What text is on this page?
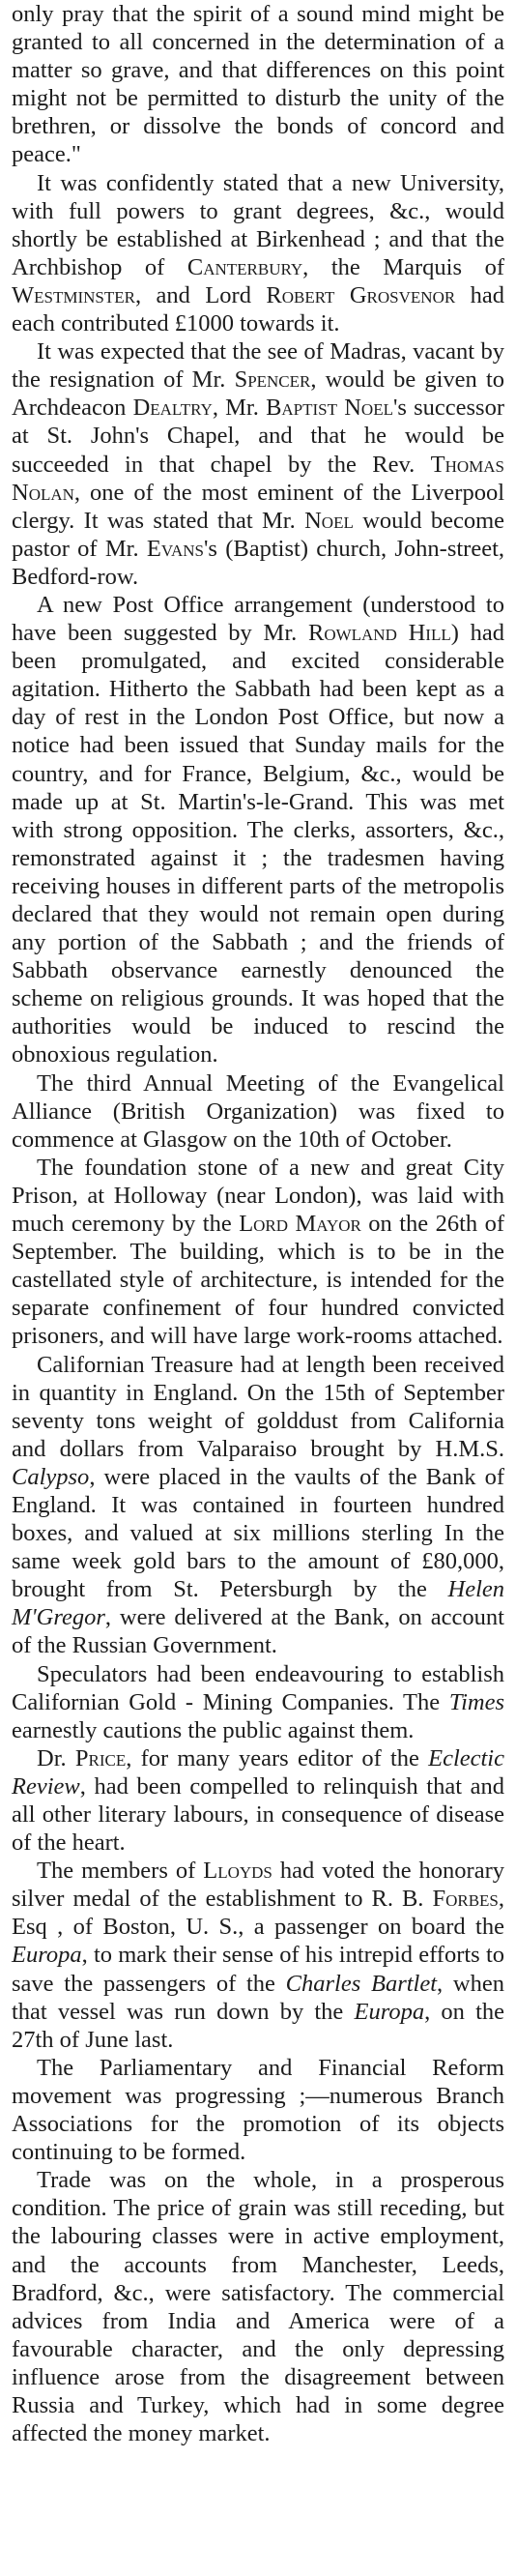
only pray that the spirit of a sound mind might be granted to all concerned in the determination of a matter so grave, and that differences on this point might not be permitted to disturb the unity of the brethren, or dissolve the bonds of concord and peace."

It was confidently stated that a new University, with full powers to grant degrees, &c., would shortly be established at Birkenhead ; and that the Archbishop of Canterbury, the Marquis of Westminster, and Lord Robert Grosvenor had each contributed £1000 towards it.

It was expected that the see of Madras, vacant by the resignation of Mr. Spencer, would be given to Archdeacon Dealtry, Mr. Baptist Noel's successor at St. John's Chapel, and that he would be succeeded in that chapel by the Rev. Thomas Nolan, one of the most eminent of the Liverpool clergy. It was stated that Mr. Noel would become pastor of Mr. Evans's (Baptist) church, John-street, Bedford-row.

A new Post Office arrangement (understood to have been suggested by Mr. Rowland Hill) had been promulgated, and excited considerable agitation. Hitherto the Sabbath had been kept as a day of rest in the London Post Office, but now a notice had been issued that Sunday mails for the country, and for France, Belgium, &c., would be made up at St. Martin's-le-Grand. This was met with strong opposition. The clerks, assorters, &c., remonstrated against it ; the tradesmen having receiving houses in different parts of the metropolis declared that they would not remain open during any portion of the Sabbath ; and the friends of Sabbath observance earnestly denounced the scheme on religious grounds. It was hoped that the authorities would be induced to rescind the obnoxious regulation.

The third Annual Meeting of the Evangelical Alliance (British Organization) was fixed to commence at Glasgow on the 10th of October.

The foundation stone of a new and great City Prison, at Holloway (near London), was laid with much ceremony by the Lord Mayor on the 26th of September. The building, which is to be in the castellated style of architecture, is intended for the separate confinement of four hundred convicted prisoners, and will have large work-rooms attached.

Californian Treasure had at length been received in quantity in England. On the 15th of September seventy tons weight of golddust from California and dollars from Valparaiso brought by H.M.S. Calypso, were placed in the vaults of the Bank of England. It was contained in fourteen hundred boxes, and valued at six millions sterling In the same week gold bars to the amount of £80,000, brought from St. Petersburgh by the Helen M'Gregor, were delivered at the Bank, on account of the Russian Government.

Speculators had been endeavouring to establish Californian Gold - Mining Companies. The Times earnestly cautions the public against them.

Dr. Price, for many years editor of the Eclectic Review, had been compelled to relinquish that and all other literary labours, in consequence of disease of the heart.

The members of Lloyds had voted the honorary silver medal of the establishment to R. B. Forbes, Esq , of Boston, U. S., a passenger on board the Europa, to mark their sense of his intrepid efforts to save the passengers of the Charles Bartlet, when that vessel was run down by the Europa, on the 27th of June last.

The Parliamentary and Financial Reform movement was progressing ;—numerous Branch Associations for the promotion of its objects continuing to be formed.

Trade was on the whole, in a prosperous condition. The price of grain was still receding, but the labouring classes were in active employment, and the accounts from Manchester, Leeds, Bradford, &c., were satisfactory. The commercial advices from India and America were of a favourable character, and the only depressing influence arose from the disagreement between Russia and Turkey, which had in some degree affected the money market.
